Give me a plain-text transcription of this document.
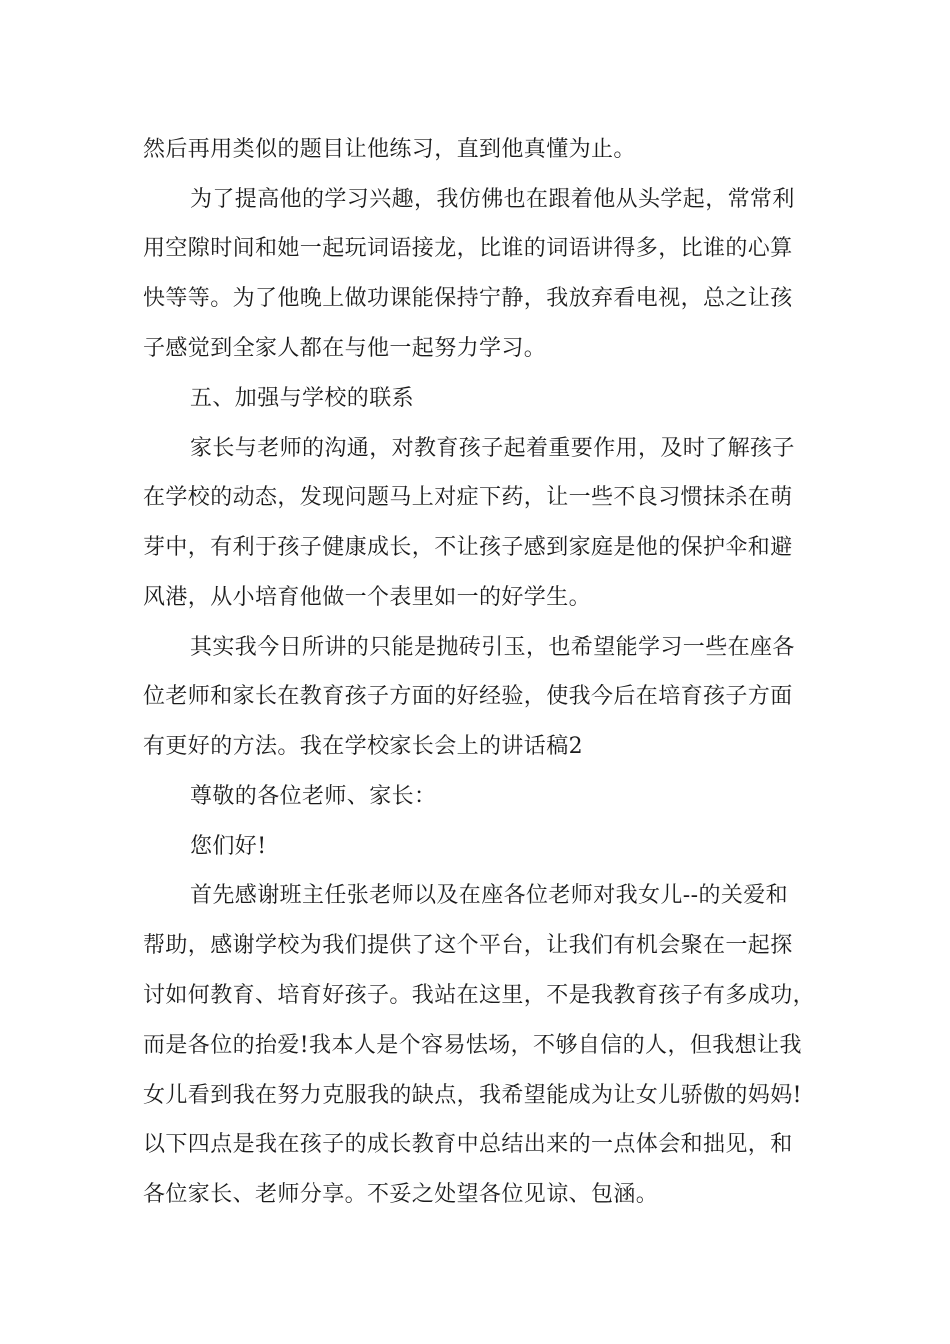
然后再用类似的题目让他练习，直到他真懂为止。
为了提高他的学习兴趣，我仿佛也在跟着他从头学起，常常利
用空隙时间和她一起玩词语接龙，比谁的词语讲得多，比谁的心算
快等等。为了他晚上做功课能保持宁静，我放弃看电视，总之让孩
子感觉到全家人都在与他一起努力学习。
五、加强与学校的联系
家长与老师的沟通，对教育孩子起着重要作用，及时了解孩子
在学校的动态，发现问题马上对症下药，让一些不良习惯抹杀在萌
芽中，有利于孩子健康成长，不让孩子感到家庭是他的保护伞和避
风港，从小培育他做一个表里如一的好学生。
其实我今日所讲的只能是抛砖引玉，也希望能学习一些在座各
位老师和家长在教育孩子方面的好经验，使我今后在培育孩子方面
有更好的方法。我在学校家长会上的讲话稿2
尊敬的各位老师、家长：
您们好!
首先感谢班主任张老师以及在座各位老师对我女儿--的关爱和
帮助，感谢学校为我们提供了这个平台，让我们有机会聚在一起探
讨如何教育、培育好孩子。我站在这里，不是我教育孩子有多成功，
而是各位的抬爱!我本人是个容易怯场，不够自信的人，但我想让我
女儿看到我在努力克服我的缺点，我希望能成为让女儿骄傲的妈妈!
以下四点是我在孩子的成长教育中总结出来的一点体会和拙见，和
各位家长、老师分享。不妥之处望各位见谅、包涵。
